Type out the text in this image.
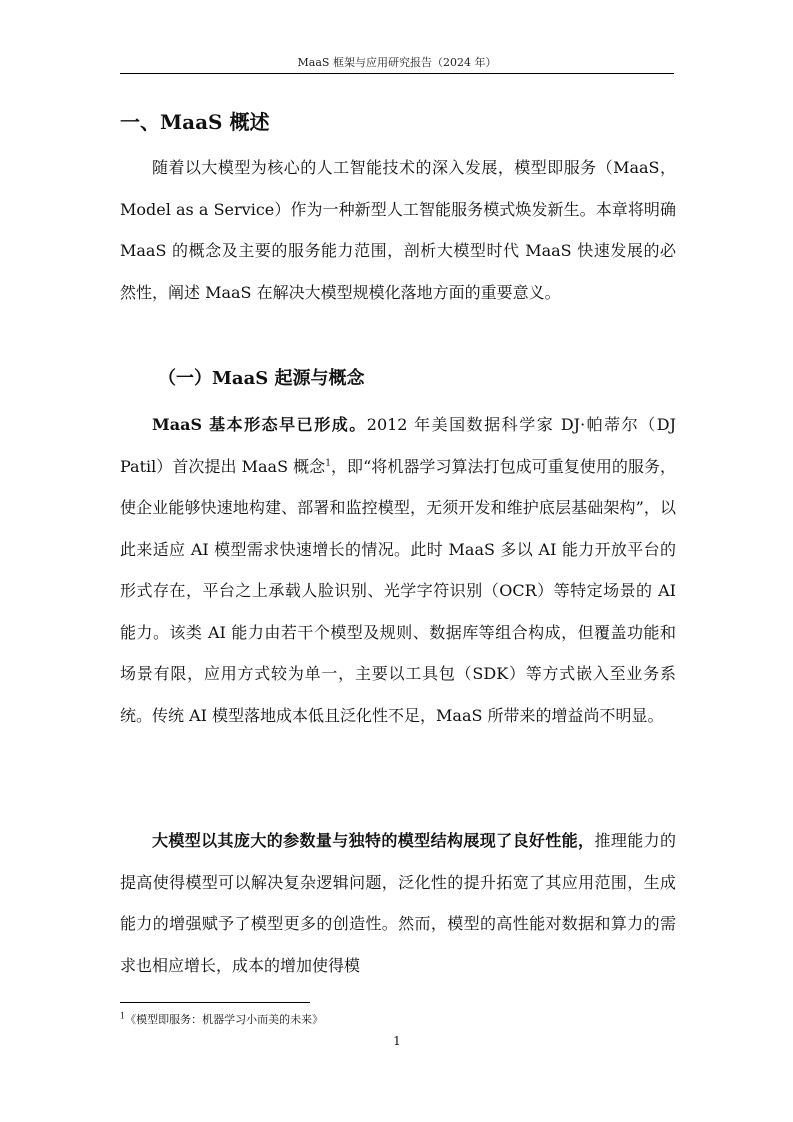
MaaS 框架与应用研究报告（2024 年）
一、MaaS 概述

随着以大模型为核心的人工智能技术的深入发展，模型即服务（MaaS，Model as a Service）作为一种新型人工智能服务模式焕发新生。本章将明确 MaaS 的概念及主要的服务能力范围，剖析大模型时代 MaaS 快速发展的必然性，阐述 MaaS 在解决大模型规模化落地方面的重要意义。

（一）MaaS 起源与概念

MaaS 基本形态早已形成。2012 年美国数据科学家 DJ·帕蒂尔（DJ Patil）首次提出 MaaS 概念$^1$，即“将机器学习算法打包成可重复使用的服务，使企业能够快速地构建、部署和监控模型，无须开发和维护底层基础架构”，以此来适应 AI 模型需求快速增长的情况。此时 MaaS 多以 AI 能力开放平台的形式存在，平台之上承载人脸识别、光学字符识别（OCR）等特定场景的 AI 能力。该类 AI 能力由若干个模型及规则、数据库等组合构成，但覆盖功能和场景有限，应用方式较为单一，主要以工具包（SDK）等方式嵌入至业务系统。传统 AI 模型落地成本低且泛化性不足，MaaS 所带来的增益尚不明显。

大模型以其庞大的参数量与独特的模型结构展现了良好性能，推理能力的提高使得模型可以解决复杂逻辑问题，泛化性的提升拓宽了其应用范围，生成能力的增强赋予了模型更多的创造性。然而，模型的高性能对数据和算力的需求也相应增长，成本的增加使得模

$^1$《模型即服务：机器学习小而美的未来》
1
